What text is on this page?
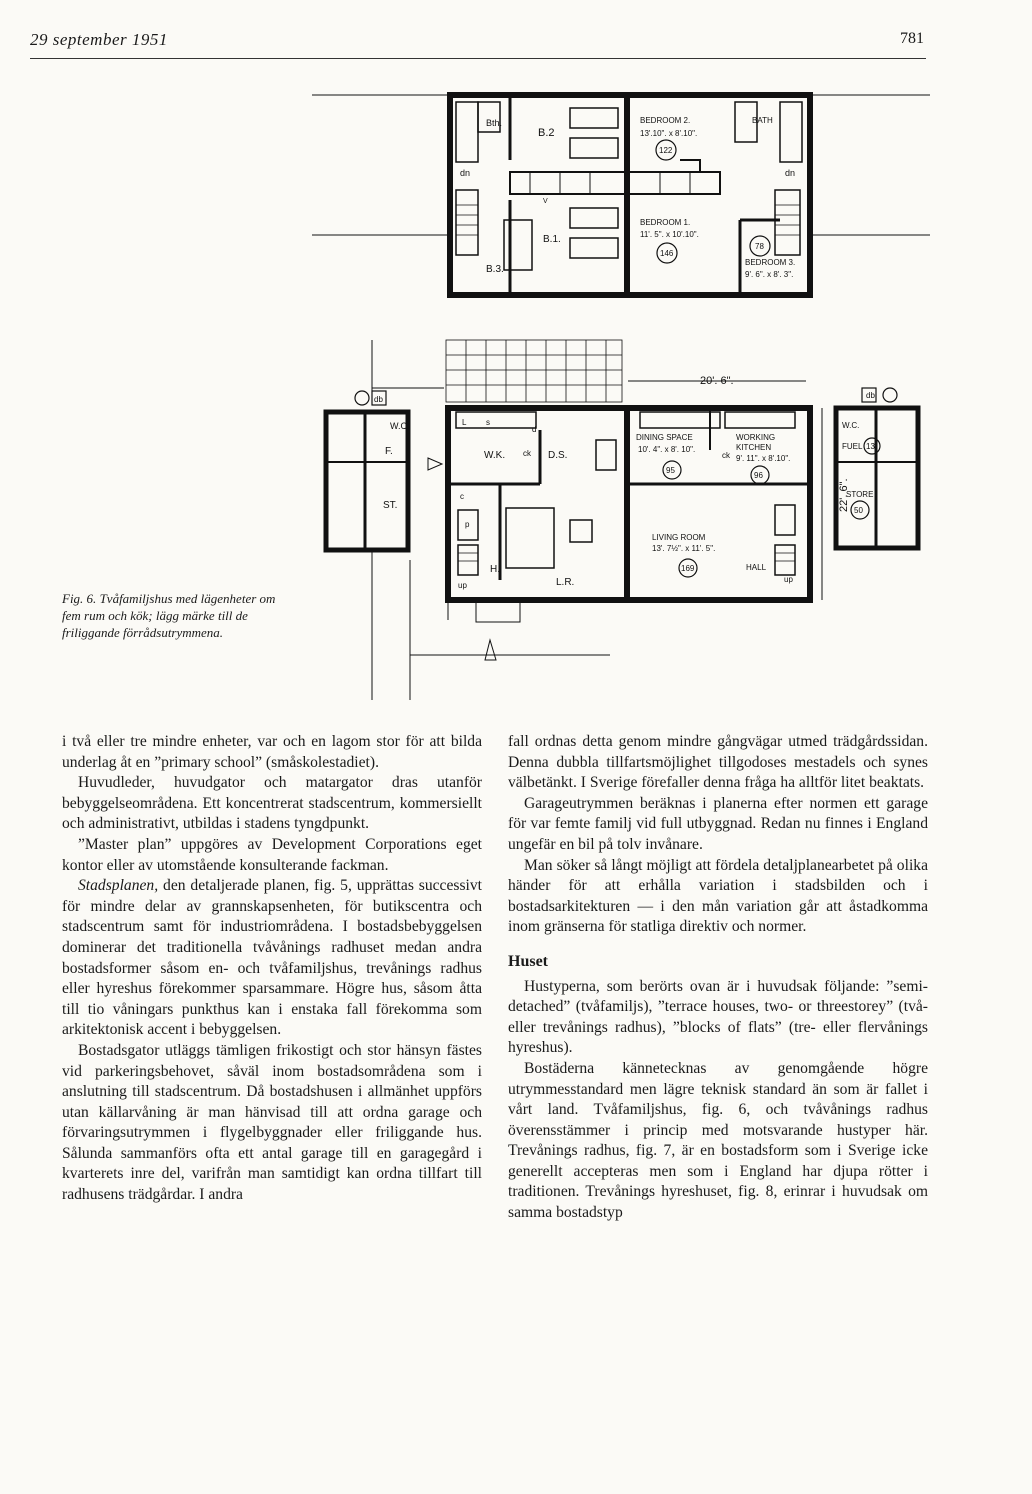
29 september 1951	781
Bth.
B.2
B.1.
B.3.
dn	dn
BEDROOM 2.
13'.10". x 8'.10".
122
BATH
BEDROOM 1.
11'. 5". x 10'.10".
146
78
BEDROOM 3.
9'. 6". x 8'. 3".
20'. 6".
22'. 6".
db
W.C.
F.
ST.
W.K. ck D.S.
L.R.
H.
up
DINING SPACE
10'. 4". x 8'. 10".
95
WORKING
KITCHEN
9'. 11". x 8'.10".
96
ck
LIVING ROOM
13'. 7½". x 11'. 5".
169	HALL
up
db
W.C.
FUEL 13
STORE
50
s
L
d
p
c
V
Fig. 6. Tvåfamiljshus med lägenheter om fem rum och kök; lägg märke till de friliggande förrådsutrymmena.

i två eller tre mindre enheter, var och en lagom stor för att bilda underlag åt en ”primary school” (småskolestadiet).

Huvudleder, huvudgator och matargator dras utanför bebyggelseområdena. Ett koncentrerat stadscentrum, kommersiellt och administrativt, utbildas i stadens tyngdpunkt.

”Master plan” uppgöres av Development Corporations eget kontor eller av utomstående konsulterande fackman.

Stadsplanen, den detaljerade planen, fig. 5, upprättas successivt för mindre delar av grannskapsenheten, för butikscentra och stadscentrum samt för industriområdena. I bostadsbebyggelsen dominerar det traditionella tvåvånings radhuset medan andra bostadsformer såsom en- och tvåfamiljshus, trevånings radhus eller hyreshus förekommer sparsammare. Högre hus, såsom åtta till tio våningars punkthus kan i enstaka fall förekomma som arkitektonisk accent i bebyggelsen.

Bostadsgator utläggs tämligen frikostigt och stor hänsyn fästes vid parkeringsbehovet, såväl inom bostadsområdena som i anslutning till stadscentrum. Då bostadshusen i allmänhet uppförs utan källarvåning är man hänvisad till att ordna garage och förvaringsutrymmen i flygelbyggnader eller friliggande hus. Sålunda sammanförs ofta ett antal garage till en garagegård i kvarterets inre del, varifrån man samtidigt kan ordna tillfart till radhusens trädgårdar. I andra

fall ordnas detta genom mindre gångvägar utmed trädgårdssidan. Denna dubbla tillfartsmöjlighet tillgodoses mestadels och synes välbetänkt. I Sverige förefaller denna fråga ha alltför litet beaktats.

Garageutrymmen beräknas i planerna efter normen ett garage för var femte familj vid full utbyggnad. Redan nu finnes i England ungefär en bil på tolv invånare.

Man söker så långt möjligt att fördela detaljplanearbetet på olika händer för att erhålla variation i stadsbilden och i bostadsarkitekturen — i den mån variation går att åstadkomma inom gränserna för statliga direktiv och normer.

Huset

Hustyperna, som berörts ovan är i huvudsak följande: ”semi-detached” (tvåfamiljs), ”terrace houses, two- or threestorey” (två- eller trevånings radhus), ”blocks of flats” (tre- eller flervånings hyreshus).

Bostäderna kännetecknas av genomgående högre utrymmesstandard men lägre teknisk standard än som är fallet i vårt land. Tvåfamiljshus, fig. 6, och tvåvånings radhus överensstämmer i princip med motsvarande hustyper här. Trevånings radhus, fig. 7, är en bostadsform som i Sverige icke generellt accepteras men som i England har djupa rötter i traditionen. Trevånings hyreshuset, fig. 8, erinrar i huvudsak om samma bostadstyp
